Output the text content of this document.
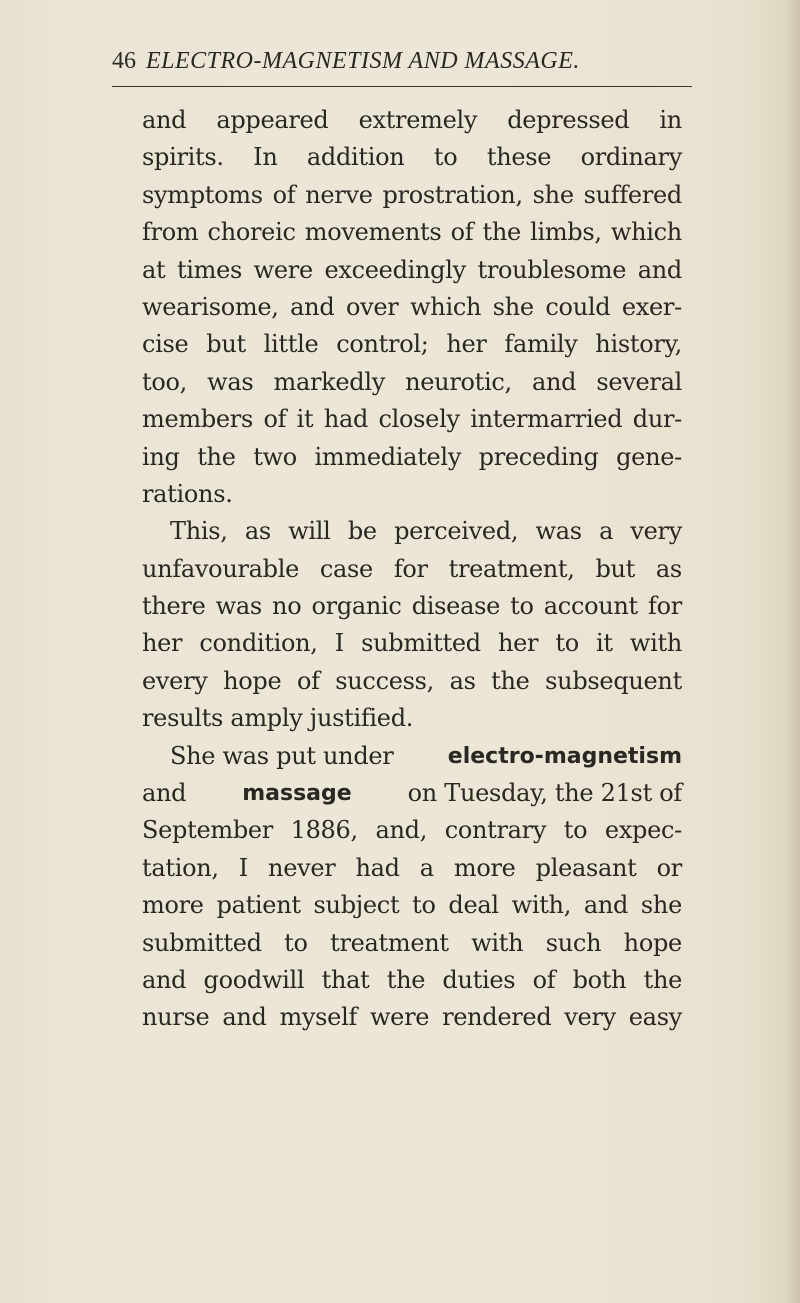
46 ELECTRO-MAGNETISM AND MASSAGE.
and appeared extremely depressed in
spirits. In addition to these ordinary
symptoms of nerve prostration, she suffered
from choreic movements of the limbs, which
at times were exceedingly troublesome and
wearisome, and over which she could exer-
cise but little control; her family history,
too, was markedly neurotic, and several
members of it had closely intermarried dur-
ing the two immediately preceding gene-
rations.
This, as will be perceived, was a very
unfavourable case for treatment, but as
there was no organic disease to account for
her condition, I submitted her to it with
every hope of success, as the subsequent
results amply justified.
She was put under electro-magnetism
and	massage on Tuesday, the 21st of
September 1886, and, contrary to expec-
tation, I never had a more pleasant or
more patient subject to deal with, and she
submitted to treatment with such hope
and goodwill that the duties of both the
nurse and myself were rendered very easy
